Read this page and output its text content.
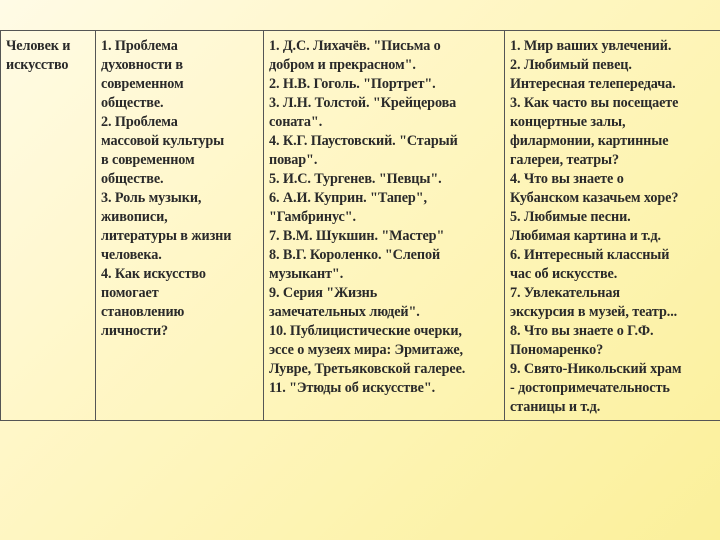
Человек и
искусство

1. Проблема
духовности в
современном
обществе.
2. Проблема
массовой культуры
в современном
обществе.
3. Роль музыки,
живописи,
литературы в жизни
человека.
4. Как искусство
помогает
становлению
личности?

1. Д.С. Лихачёв. "Письма о
добром и прекрасном".
2. Н.В. Гоголь. "Портрет".
3. Л.Н. Толстой. "Крейцерова
соната".
4. К.Г. Паустовский. "Старый
повар".
5. И.С. Тургенев. "Певцы".
6. А.И. Куприн. "Тапер",
"Гамбринус".
7. В.М. Шукшин. "Мастер"
8. В.Г. Короленко. "Слепой
музыкант".
9. Серия "Жизнь
замечательных людей".
10. Публицистические очерки,
эссе о музеях мира: Эрмитаже,
Лувре, Третьяковской галерее.
11. "Этюды об искусстве".

1. Мир ваших увлечений.
2. Любимый певец.
Интересная телепередача.
3. Как часто вы посещаете
концертные залы,
филармонии, картинные
галереи, театры?
4. Что вы знаете о
Кубанском казачьем хоре?
5. Любимые песни.
Любимая картина и т.д.
6. Интересный классный
час об искусстве.
7. Увлекательная
экскурсия в музей, театр...
8. Что вы знаете о Г.Ф.
Пономаренко?
9. Свято-Никольский храм
- достопримечательность
станицы и т.д.
